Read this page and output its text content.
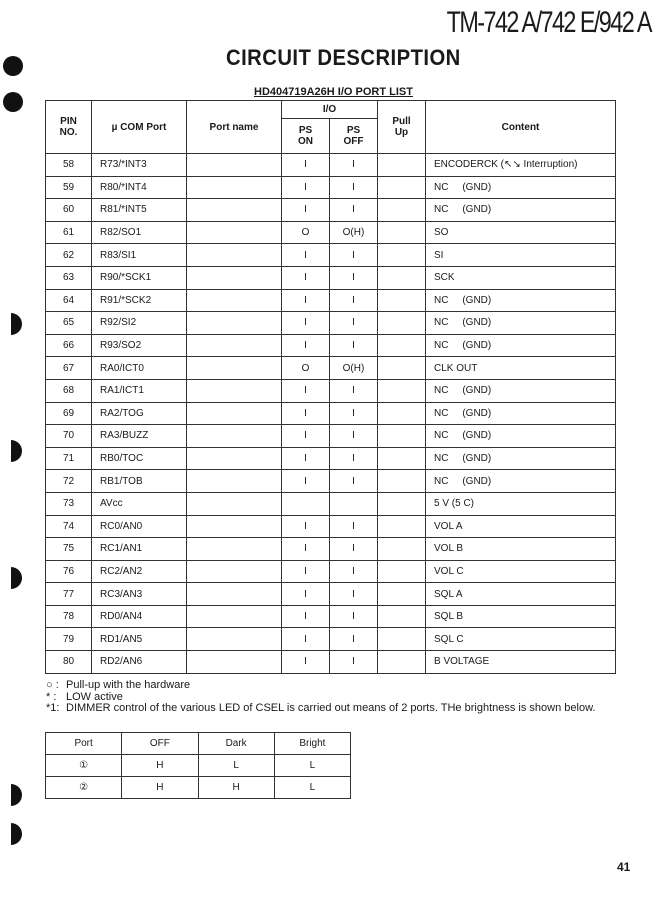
TM-742 A/742 E/942 A
CIRCUIT DESCRIPTION
HD404719A26H I/O PORT LIST
PIN NO.	µ COM Port	Port name	I/O		Pull Up	Content
			PS ON	PS OFF		
58	R73/*INT3		I	I		ENCODERCK (↖↘ Interruption)
59	R80/*INT4		I	I		NC     (GND)
60	R81/*INT5		I	I		NC     (GND)
61	R82/SO1		O	O(H)		SO
62	R83/SI1		I	I		SI
63	R90/*SCK1		I	I		SCK
64	R91/*SCK2		I	I		NC     (GND)
65	R92/SI2		I	I		NC     (GND)
66	R93/SO2		I	I		NC     (GND)
67	RA0/ICT0		O	O(H)		CLK OUT
68	RA1/ICT1		I	I		NC     (GND)
69	RA2/TOG		I	I		NC     (GND)
70	RA3/BUZZ		I	I		NC     (GND)
71	RB0/TOC		I	I		NC     (GND)
72	RB1/TOB		I	I		NC     (GND)
73	AVcc					5 V (5 C)
74	RC0/AN0		I	I		VOL A
75	RC1/AN1		I	I		VOL B
76	RC2/AN2		I	I		VOL C
77	RC3/AN3		I	I		SQL A
78	RD0/AN4		I	I		SQL B
79	RD1/AN5		I	I		SQL C
80	RD2/AN6		I	I		B VOLTAGE
○ : Pull-up with the hardware
* : LOW active
*1: DIMMER control of the various LED of CSEL is carried out means of 2 ports. THe brightness is shown below.
Port	OFF	Dark	Bright
①	H	L	L
②	H	H	L
41
